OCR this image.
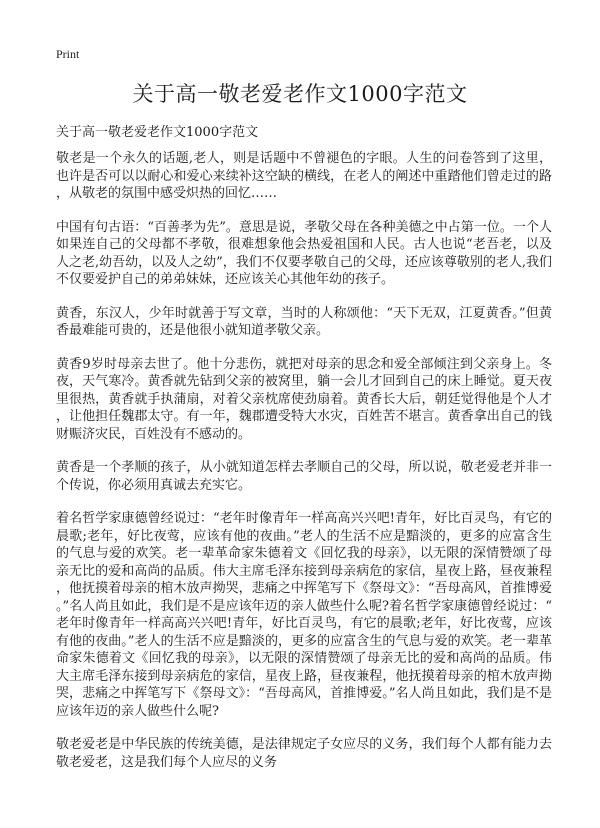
Print
关于高一敬老爱老作文1000字范文
关于高一敬老爱老作文1000字范文

敬老是一个永久的话题,老人，则是话题中不曾褪色的字眼。人生的问卷答到了这里，也许是否可以以耐心和爱心来续补这空缺的横线，在老人的阐述中重踏他们曾走过的路，从敬老的氛围中感受炽热的回忆……

中国有句古语：“百善孝为先”。意思是说，孝敬父母在各种美德之中占第一位。一个人如果连自己的父母都不孝敬，很难想象他会热爱祖国和人民。古人也说“老吾老，以及人之老,幼吾幼，以及人之幼”，我们不仅要孝敬自己的父母，还应该尊敬别的老人,我们不仅要爱护自己的弟弟妹妹，还应该关心其他年幼的孩子。

黄香，东汉人，少年时就善于写文章，当时的人称颂他：“天下无双，江夏黄香。”但黄香最难能可贵的，还是他很小就知道孝敬父亲。

黄香9岁时母亲去世了。他十分悲伤，就把对母亲的思念和爱全部倾注到父亲身上。冬夜，天气寒冷。黄香就先钻到父亲的被窝里，躺一会儿才回到自己的床上睡觉。夏天夜里很热，黄香就手执蒲扇，对着父亲枕席使劲扇着。黄香长大后，朝廷觉得他是个人才，让他担任魏郡太守。有一年，魏郡遭受特大水灾，百姓苦不堪言。黄香拿出自己的钱财赈济灾民，百姓没有不感动的。

黄香是一个孝顺的孩子，从小就知道怎样去孝顺自己的父母，所以说，敬老爱老并非一个传说，你必须用真诚去充实它。

着名哲学家康德曾经说过：“老年时像青年一样高高兴兴吧!青年，好比百灵鸟，有它的晨歌;老年，好比夜莺，应该有他的夜曲。”老人的生活不应是黯淡的，更多的应富含生的气息与爱的欢笑。老一辈革命家朱德着文《回忆我的母亲》，以无限的深情赞颂了母亲无比的爱和高尚的品质。伟大主席毛泽东接到母亲病危的家信，星夜上路，昼夜兼程，他抚摸着母亲的棺木放声拗哭，悲痛之中挥笔写下《祭母文》：“吾母高风，首推博爱。”名人尚且如此，我们是不是应该年迈的亲人做些什么呢?着名哲学家康德曾经说过：“老年时像青年一样高高兴兴吧!青年，好比百灵鸟，有它的晨歌;老年，好比夜莺，应该有他的夜曲。”老人的生活不应是黯淡的，更多的应富含生的气息与爱的欢笑。老一辈革命家朱德着文《回忆我的母亲》，以无限的深情赞颂了母亲无比的爱和高尚的品质。伟大主席毛泽东接到母亲病危的家信，星夜上路，昼夜兼程，他抚摸着母亲的棺木放声拗哭，悲痛之中挥笔写下《祭母文》：“吾母高风，首推博爱。”名人尚且如此，我们是不是应该年迈的亲人做些什么呢?

敬老爱老是中华民族的传统美德，是法律规定子女应尽的义务，我们每个人都有能力去敬老爱老，这是我们每个人应尽的义务
